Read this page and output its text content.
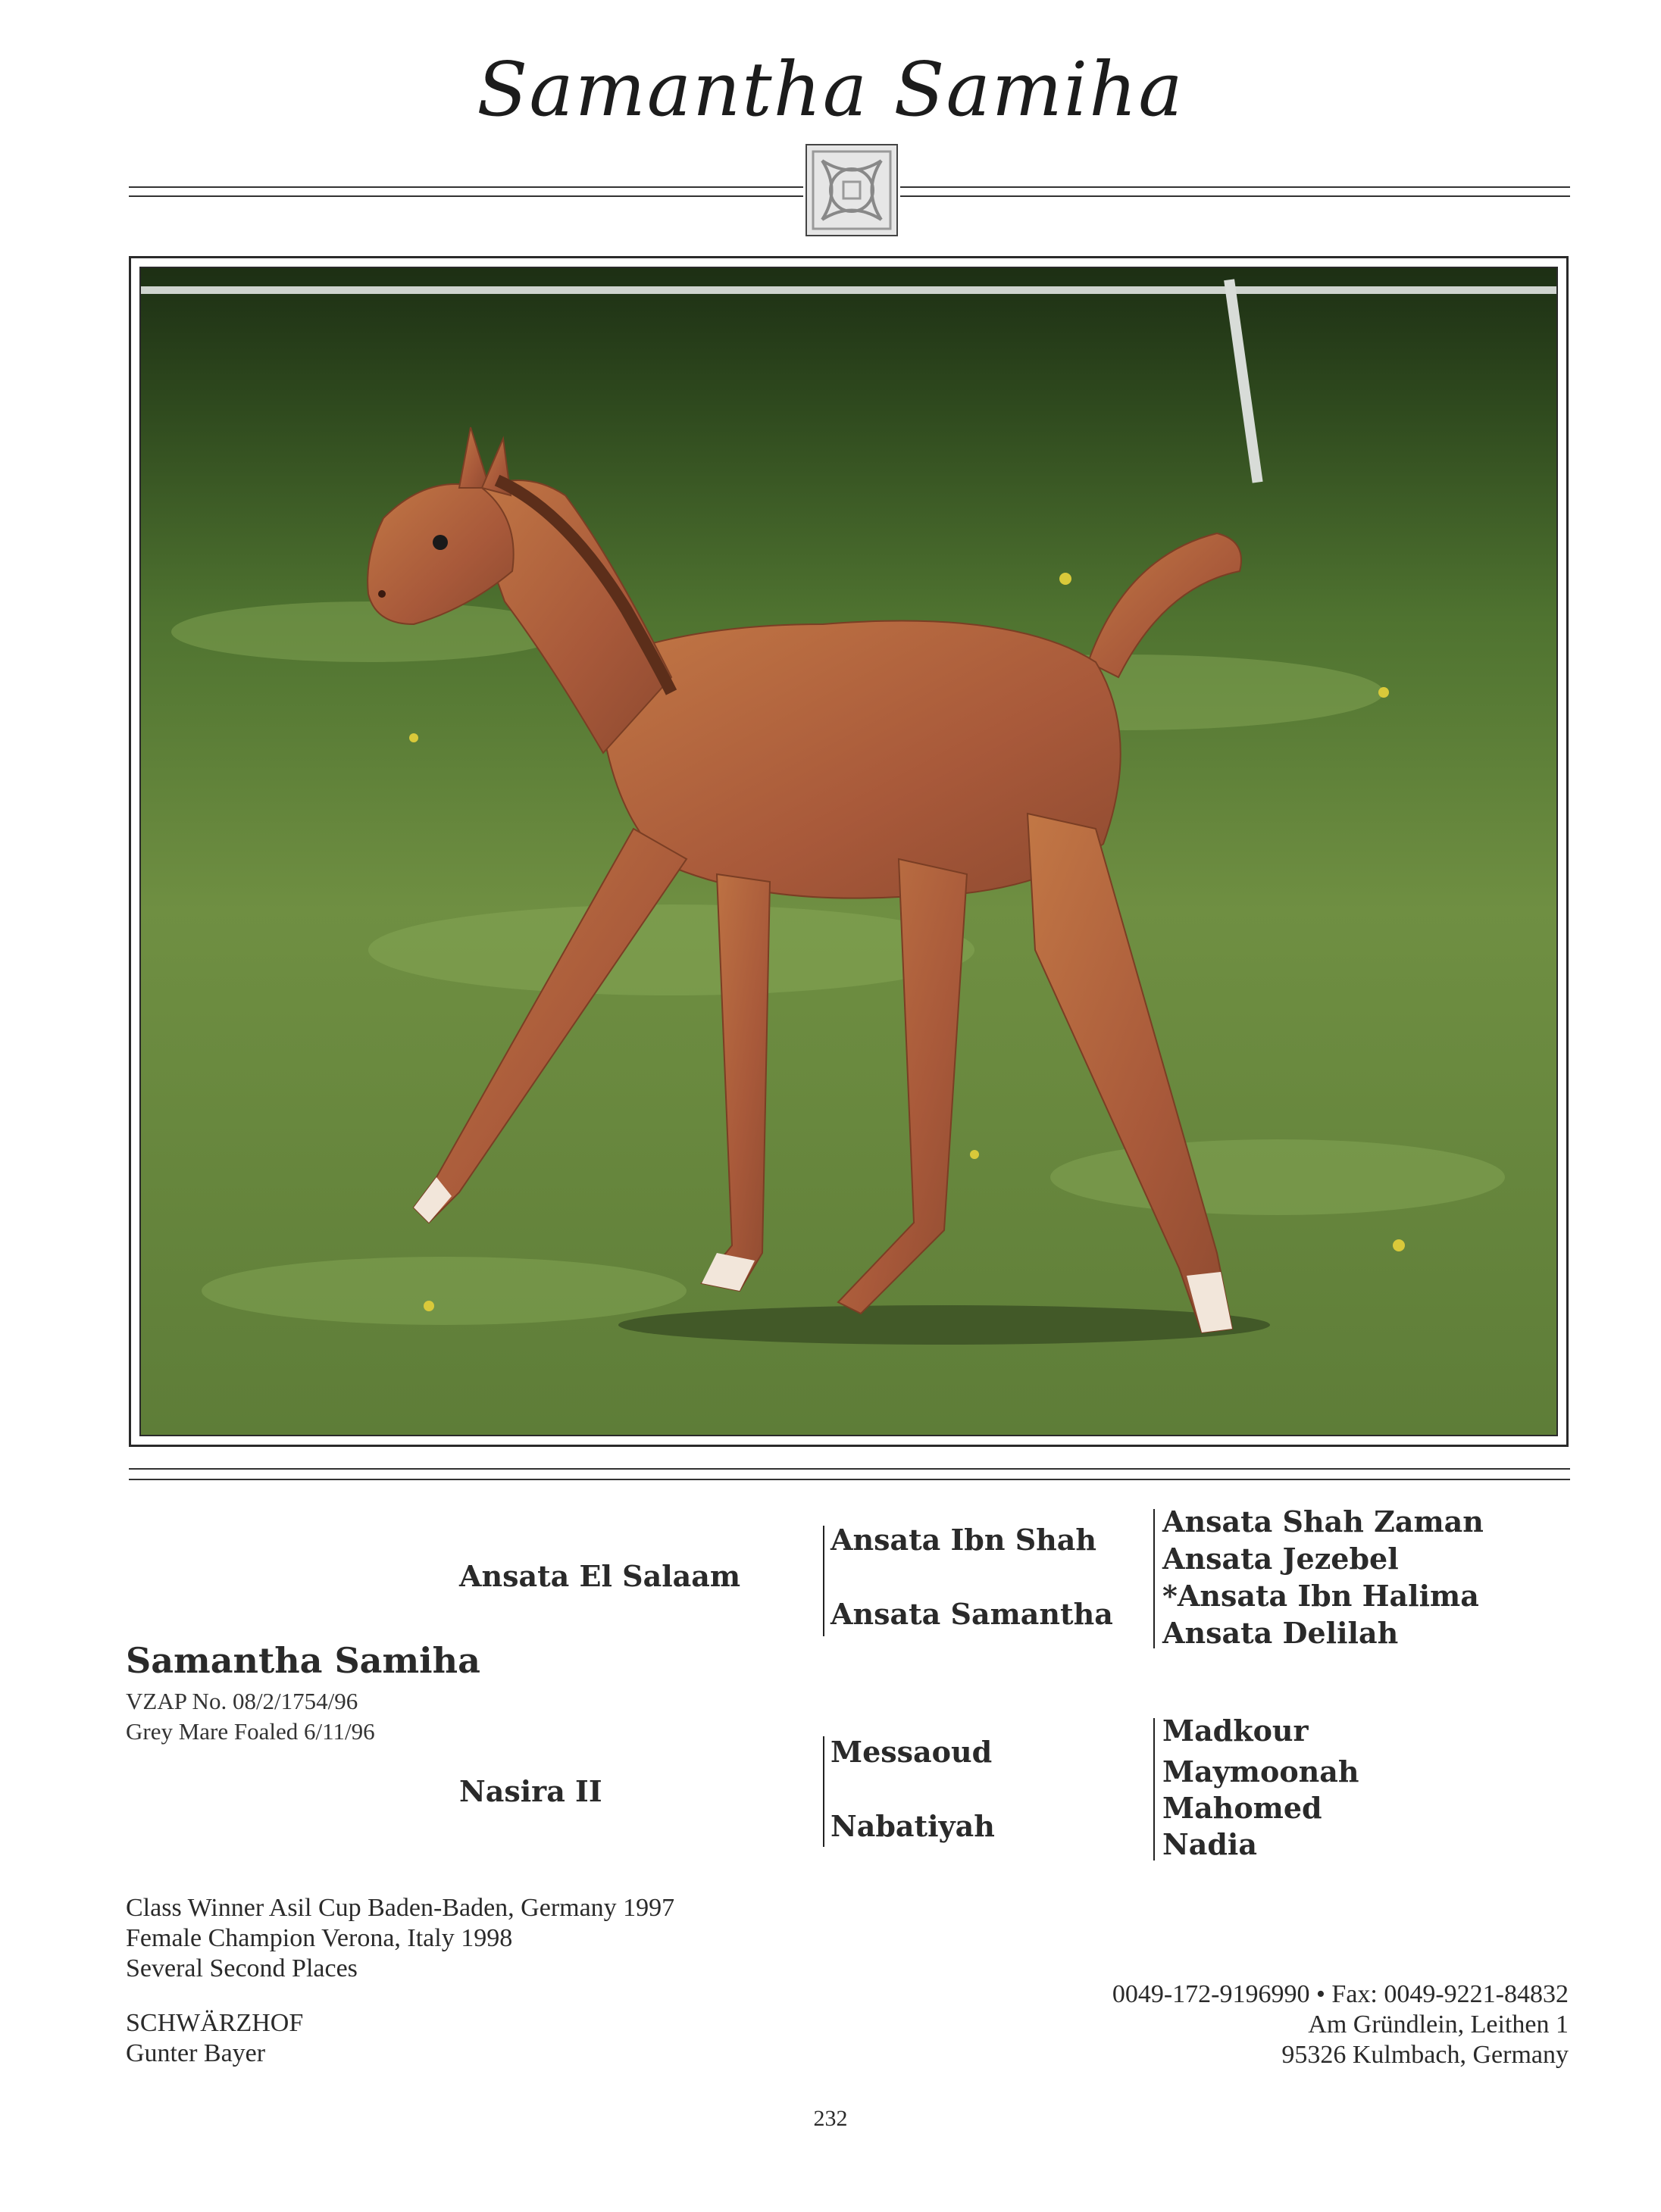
Samantha Samiha
Samantha Samiha
VZAP No. 08/2/1754/96
Grey Mare Foaled 6/11/96
Ansata El Salaam
Nasira II
Ansata Ibn Shah
Ansata Samantha
Messaoud
Nabatiyah
Ansata Shah Zaman
Ansata Jezebel
*Ansata Ibn Halima
Ansata Delilah
Madkour
Maymoonah
Mahomed
Nadia
Class Winner Asil Cup Baden-Baden, Germany 1997
Female Champion Verona, Italy 1998
Several Second Places
SCHWÄRZHOF
Gunter Bayer
0049-172-9196990 • Fax: 0049-9221-84832
Am Gründlein, Leithen 1
95326 Kulmbach, Germany
232
